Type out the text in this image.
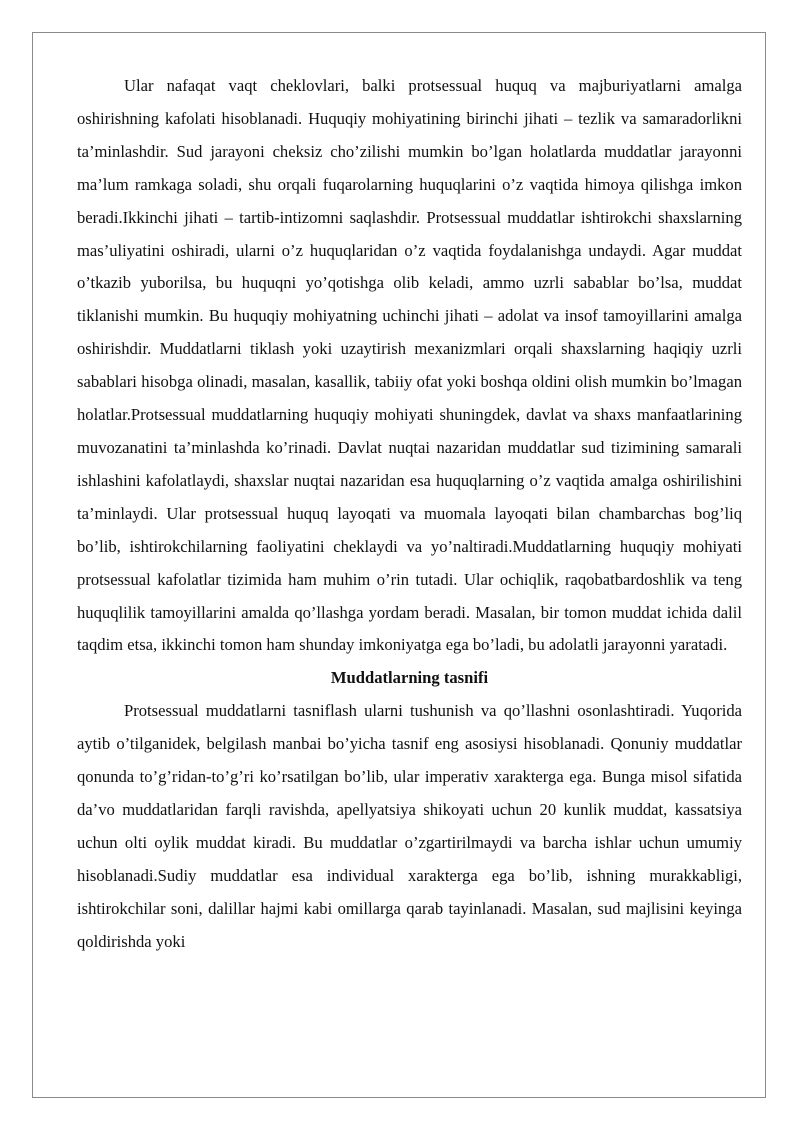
Ular nafaqat vaqt cheklovlari, balki protsessual huquq va majburiyatlarni amalga oshirishning kafolati hisoblanadi. Huquqiy mohiyatining birinchi jihati – tezlik va samaradorlikni ta’minlashdir. Sud jarayoni cheksiz cho’zilishi mumkin bo’lgan holatlarda muddatlar jarayonni ma’lum ramkaga soladi, shu orqali fuqarolarning huquqlarini o’z vaqtida himoya qilishga imkon beradi.Ikkinchi jihati – tartib-intizomni saqlashdir. Protsessual muddatlar ishtirokchi shaxslarning mas’uliyatini oshiradi, ularni o’z huquqlaridan o’z vaqtida foydalanishga undaydi. Agar muddat o’tkazib yuborilsa, bu huquqni yo’qotishga olib keladi, ammo uzrli sabablar bo’lsa, muddat tiklanishi mumkin. Bu huquqiy mohiyatning uchinchi jihati – adolat va insof tamoyillarini amalga oshirishdir. Muddatlarni tiklash yoki uzaytirish mexanizmlari orqali shaxslarning haqiqiy uzrli sabablari hisobga olinadi, masalan, kasallik, tabiiy ofat yoki boshqa oldini olish mumkin bo’lmagan holatlar.Protsessual muddatlarning huquqiy mohiyati shuningdek, davlat va shaxs manfaatlarining muvozanatini ta’minlashda ko’rinadi. Davlat nuqtai nazaridan muddatlar sud tizimining samarali ishlashini kafolatlaydi, shaxslar nuqtai nazaridan esa huquqlarning o’z vaqtida amalga oshirilishini ta’minlaydi. Ular protsessual huquq layoqati va muomala layoqati bilan chambarchas bog’liq bo’lib, ishtirokchilarning faoliyatini cheklaydi va yo’naltiradi.Muddatlarning huquqiy mohiyati protsessual kafolatlar tizimida ham muhim o’rin tutadi. Ular ochiqlik, raqobatbardoshlik va teng huquqlilik tamoyillarini amalda qo’llashga yordam beradi. Masalan, bir tomon muddat ichida dalil taqdim etsa, ikkinchi tomon ham shunday imkoniyatga ega bo’ladi, bu adolatli jarayonni yaratadi.

Muddatlarning tasnifi

Protsessual muddatlarni tasniflash ularni tushunish va qo’llashni osonlashtiradi. Yuqorida aytib o’tilganidek, belgilash manbai bo’yicha tasnif eng asosiysi hisoblanadi. Qonuniy muddatlar qonunda to’g’ridan-to’g’ri ko’rsatilgan bo’lib, ular imperativ xarakterga ega. Bunga misol sifatida da’vo muddatlaridan farqli ravishda, apellyatsiya shikoyati uchun 20 kunlik muddat, kassatsiya uchun olti oylik muddat kiradi. Bu muddatlar o’zgartirilmaydi va barcha ishlar uchun umumiy hisoblanadi.Sudiy muddatlar esa individual xarakterga ega bo’lib, ishning murakkabligi, ishtirokchilar soni, dalillar hajmi kabi omillarga qarab tayinlanadi. Masalan, sud majlisini keyinga qoldirishda yoki
